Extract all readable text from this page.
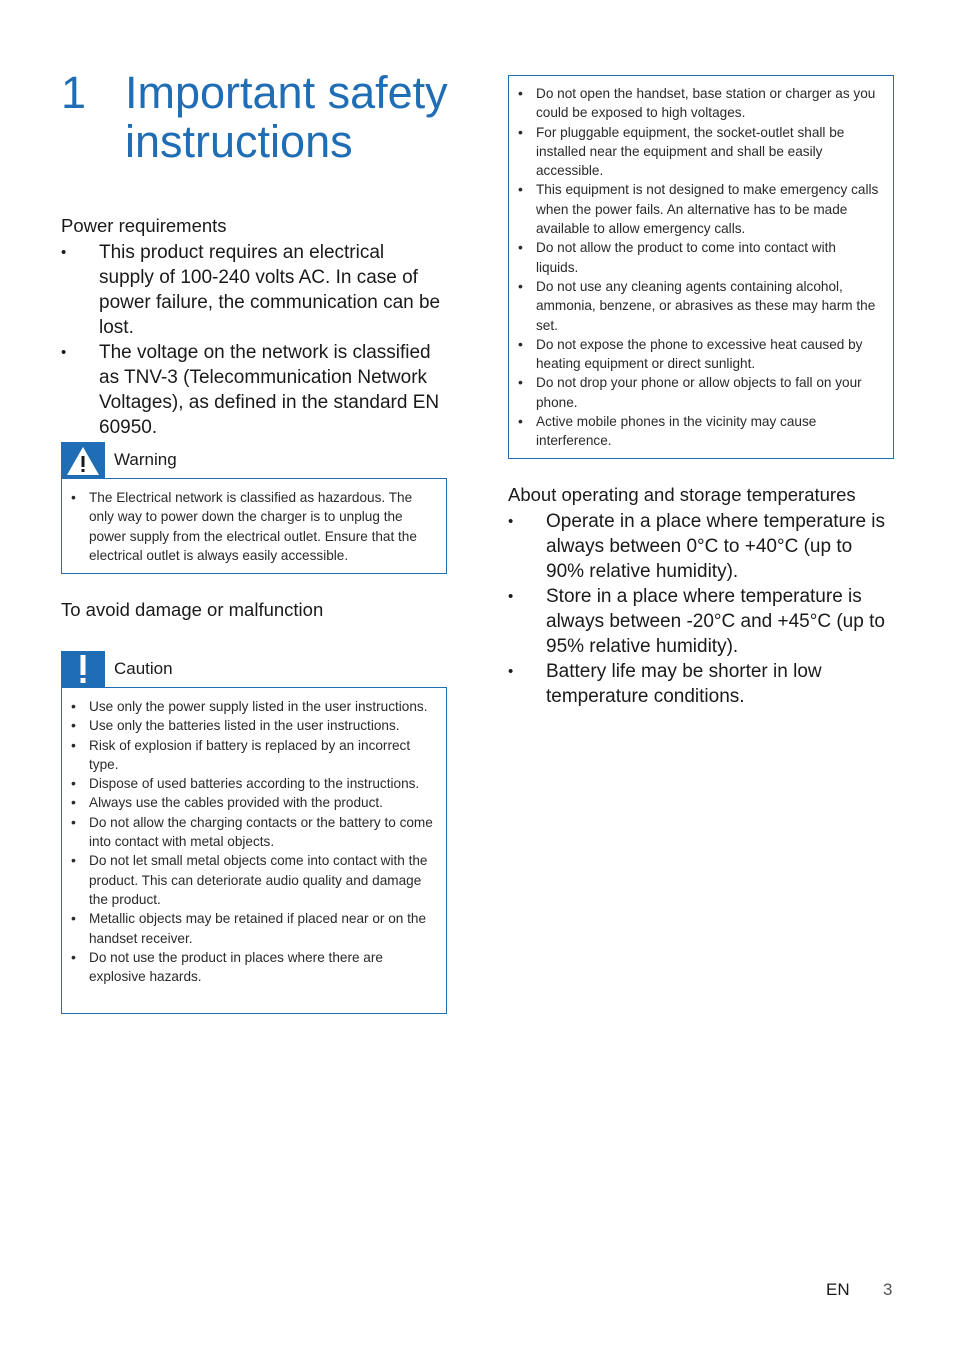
1 Important safety instructions
Power requirements
• This product requires an electrical supply of 100-240 volts AC. In case of power failure, the communication can be lost.
• The voltage on the network is classified as TNV-3 (Telecommunication Network Voltages), as defined in the standard EN 60950.
Warning
• The Electrical network is classified as hazardous. The only way to power down the charger is to unplug the power supply from the electrical outlet. Ensure that the electrical outlet is always easily accessible.
To avoid damage or malfunction
Caution
• Use only the power supply listed in the user instructions.
• Use only the batteries listed in the user instructions.
• Risk of explosion if battery is replaced by an incorrect type.
• Dispose of used batteries according to the instructions.
• Always use the cables provided with the product.
• Do not allow the charging contacts or the battery to come into contact with metal objects.
• Do not let small metal objects come into contact with the product. This can deteriorate audio quality and damage the product.
• Metallic objects may be retained if placed near or on the handset receiver.
• Do not use the product in places where there are explosive hazards.
• Do not open the handset, base station or charger as you could be exposed to high voltages.
• For pluggable equipment, the socket-outlet shall be installed near the equipment and shall be easily accessible.
• This equipment is not designed to make emergency calls when the power fails. An alternative has to be made available to allow emergency calls.
• Do not allow the product to come into contact with liquids.
• Do not use any cleaning agents containing alcohol, ammonia, benzene, or abrasives as these may harm the set.
• Do not expose the phone to excessive heat caused by heating equipment or direct sunlight.
• Do not drop your phone or allow objects to fall on your phone.
• Active mobile phones in the vicinity may cause interference.
About operating and storage temperatures
• Operate in a place where temperature is always between 0°C to +40°C (up to 90% relative humidity).
• Store in a place where temperature is always between -20°C and +45°C (up to 95% relative humidity).
• Battery life may be shorter in low temperature conditions.
EN 3
